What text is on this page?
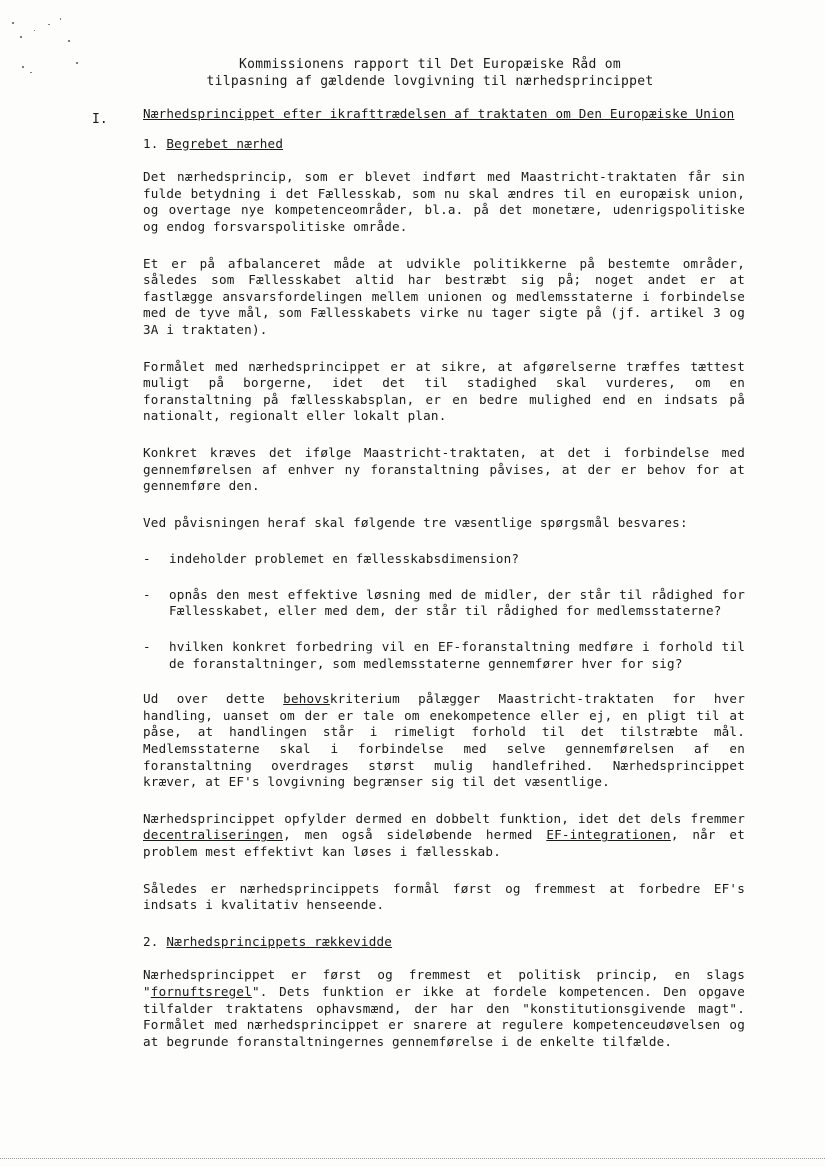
Kommissionens rapport til Det Europæiske Råd om
tilpasning af gældende lovgivning til nærhedsprincippet
I.	Nærhedsprincippet efter ikrafttrædelsen af traktaten om Den Europæiske Union

1. Begrebet nærhed

Det nærhedsprincip, som er blevet indført med Maastricht-traktaten får sin fulde betydning i det Fællesskab, som nu skal ændres til en europæisk union, og overtage nye kompetenceområder, bl.a. på det monetære, udenrigspolitiske og endog forsvarspolitiske område.

Et er på afbalanceret måde at udvikle politikkerne på bestemte områder, således som Fællesskabet altid har bestræbt sig på; noget andet er at fastlægge ansvarsfordelingen mellem unionen og medlemsstaterne i forbindelse med de tyve mål, som Fællesskabets virke nu tager sigte på (jf. artikel 3 og 3A i traktaten).

Formålet med nærhedsprincippet er at sikre, at afgørelserne træffes tættest muligt på borgerne, idet det til stadighed skal vurderes, om en foranstaltning på fællesskabsplan, er en bedre mulighed end en indsats på nationalt, regionalt eller lokalt plan.

Konkret kræves det ifølge Maastricht-traktaten, at det i forbindelse med gennemførelsen af enhver ny foranstaltning påvises, at der er behov for at gennemføre den.

Ved påvisningen heraf skal følgende tre væsentlige spørgsmål besvares:

- indeholder problemet en fællesskabsdimension?

- opnås den mest effektive løsning med de midler, der står til rådighed for Fællesskabet, eller med dem, der står til rådighed for medlemsstaterne?

- hvilken konkret forbedring vil en EF-foranstaltning medføre i forhold til de foranstaltninger, som medlemsstaterne gennemfører hver for sig?

Ud over dette behovskriterium pålægger Maastricht-traktaten for hver handling, uanset om der er tale om enekompetence eller ej, en pligt til at påse, at handlingen står i rimeligt forhold til det tilstræbte mål. Medlemsstaterne skal i forbindelse med selve gennemførelsen af en foranstaltning overdrages størst mulig handlefrihed. Nærhedsprincippet kræver, at EF's lovgivning begrænser sig til det væsentlige.

Nærhedsprincippet opfylder dermed en dobbelt funktion, idet det dels fremmer decentraliseringen, men også sideløbende hermed EF-integrationen, når et problem mest effektivt kan løses i fællesskab.

Således er nærhedsprincippets formål først og fremmest at forbedre EF's indsats i kvalitativ henseende.

2. Nærhedsprincippets rækkevidde

Nærhedsprincippet er først og fremmest et politisk princip, en slags "fornuftsregel". Dets funktion er ikke at fordele kompetencen. Den opgave tilfalder traktatens ophavsmænd, der har den "konstitutionsgivende magt". Formålet med nærhedsprincippet er snarere at regulere kompetenceudøvelsen og at begrunde foranstaltningernes gennemførelse i de enkelte tilfælde.
